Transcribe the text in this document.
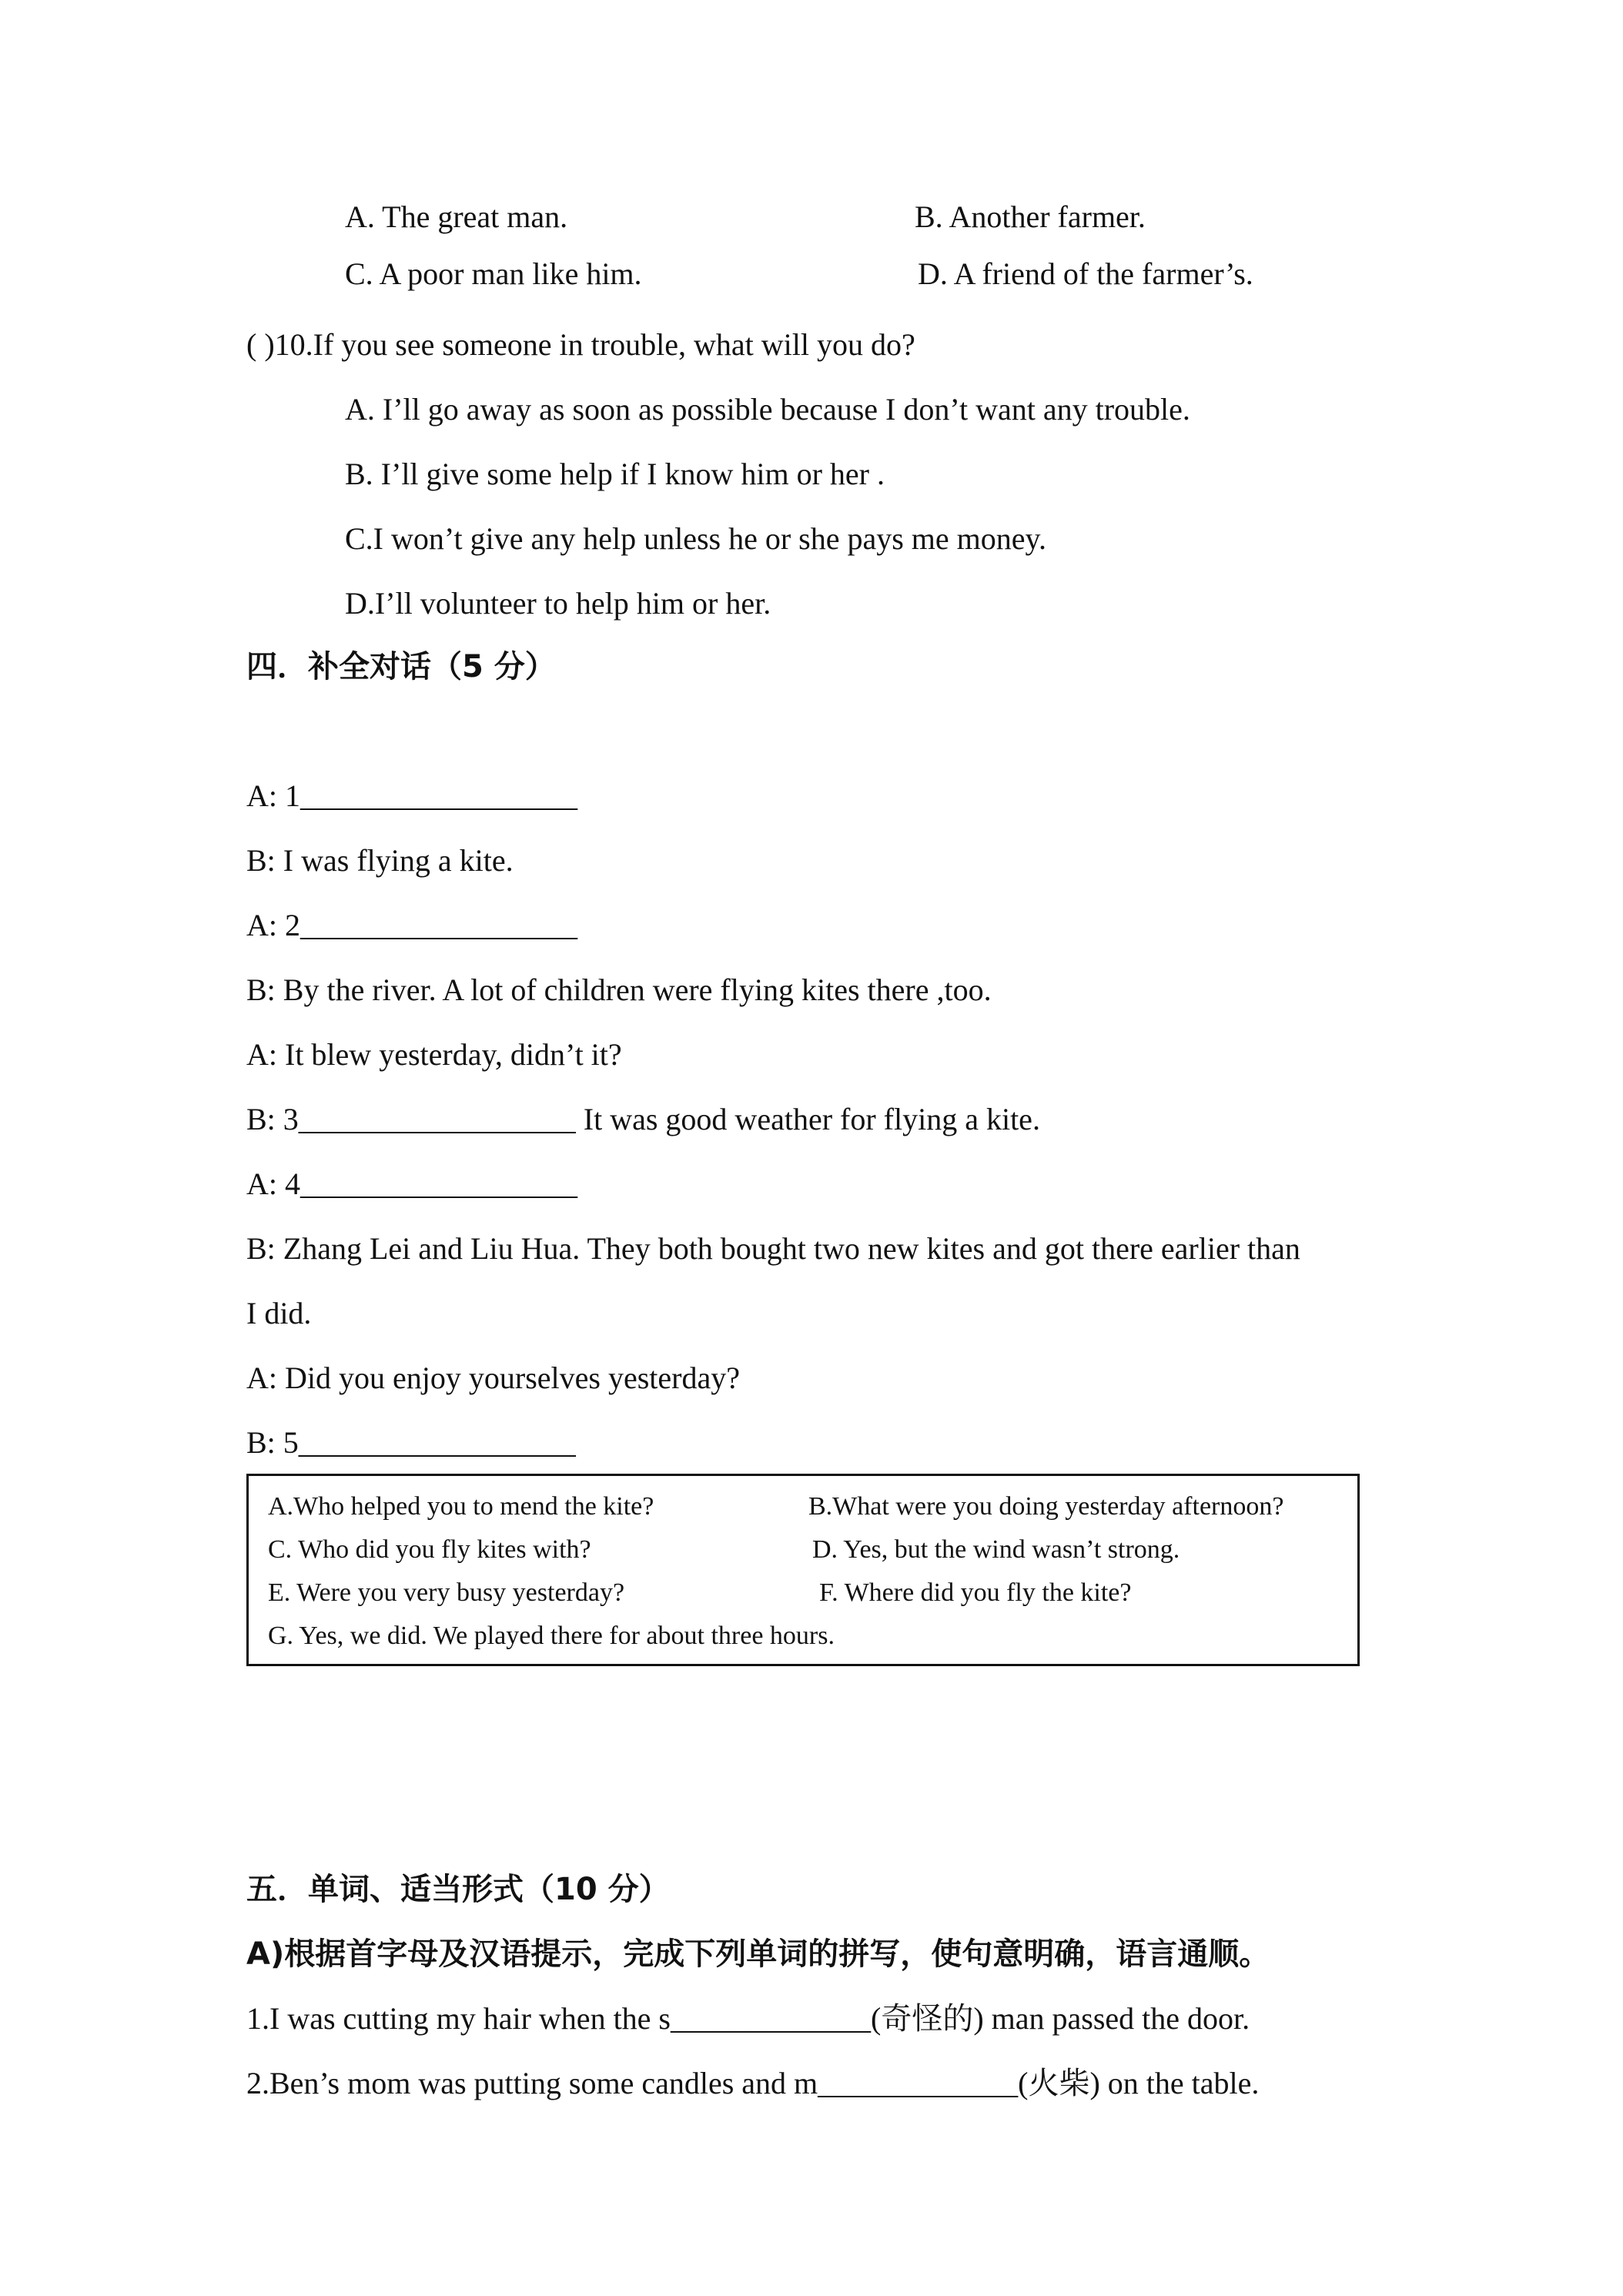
A. The great man.	B. Another farmer.
C. A poor man like him.	D. A friend of the farmer’s.
( )10.If you see someone in trouble, what will you do?
A. I’ll go away as soon as possible because I don’t want any trouble.
B. I’ll give some help if I know him or her .
C.I won’t give any help unless he or she pays me money.
D.I’ll volunteer to help him or her.
四．补全对话（5 分）
A: 1__________________
B: I was flying a kite.
A: 2__________________
B: By the river. A lot of children were flying kites there ,too.
A: It blew yesterday, didn’t it?
B: 3__________________ It was good weather for flying a kite.
A: 4__________________
B: Zhang Lei and Liu Hua. They both bought two new kites and got there earlier than
I did.
A: Did you enjoy yourselves yesterday?
B: 5__________________
A.Who helped you to mend the kite?	B.What were you doing yesterday afternoon?
C. Who did you fly kites with?	D. Yes, but the wind wasn’t strong.
E. Were you very busy yesterday?	F. Where did you fly the kite?
G. Yes, we did. We played there for about three hours.
五．单词、适当形式（10 分）
A)根据首字母及汉语提示，完成下列单词的拼写，使句意明确，语言通顺。
1.I was cutting my hair when the s_____________(奇怪的) man passed the door.
2.Ben’s mom was putting some candles and m_____________(火柴) on the table.
